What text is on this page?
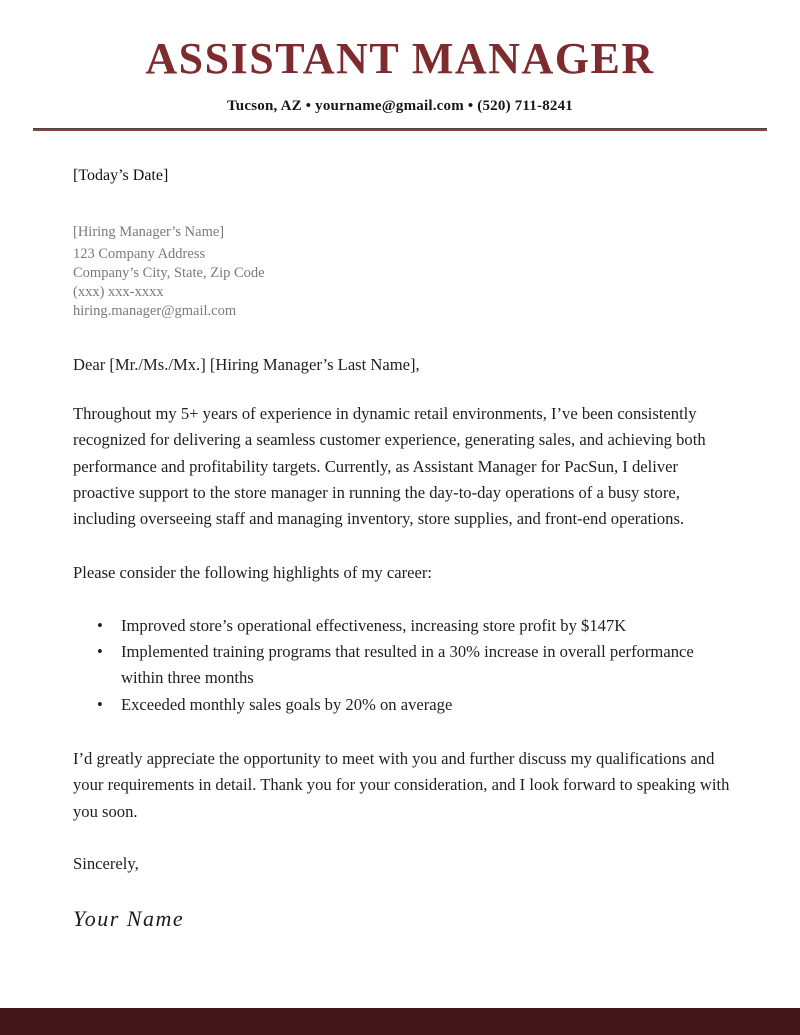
ASSISTANT MANAGER
Tucson, AZ • yourname@gmail.com • (520) 711-8241
[Today’s Date]
[Hiring Manager’s Name]
123 Company Address
Company’s City, State, Zip Code
(xxx) xxx-xxxx
hiring.manager@gmail.com
Dear [Mr./Ms./Mx.] [Hiring Manager’s Last Name],

Throughout my 5+ years of experience in dynamic retail environments, I’ve been consistently recognized for delivering a seamless customer experience, generating sales, and achieving both performance and profitability targets. Currently, as Assistant Manager for PacSun, I deliver proactive support to the store manager in running the day-to-day operations of a busy store, including overseeing staff and managing inventory, store supplies, and front-end operations.

Please consider the following highlights of my career:

• Improved store’s operational effectiveness, increasing store profit by $147K
• Implemented training programs that resulted in a 30% increase in overall performance within three months
• Exceeded monthly sales goals by 20% on average

I’d greatly appreciate the opportunity to meet with you and further discuss my qualifications and your requirements in detail. Thank you for your consideration, and I look forward to speaking with you soon.

Sincerely,
Your Name
